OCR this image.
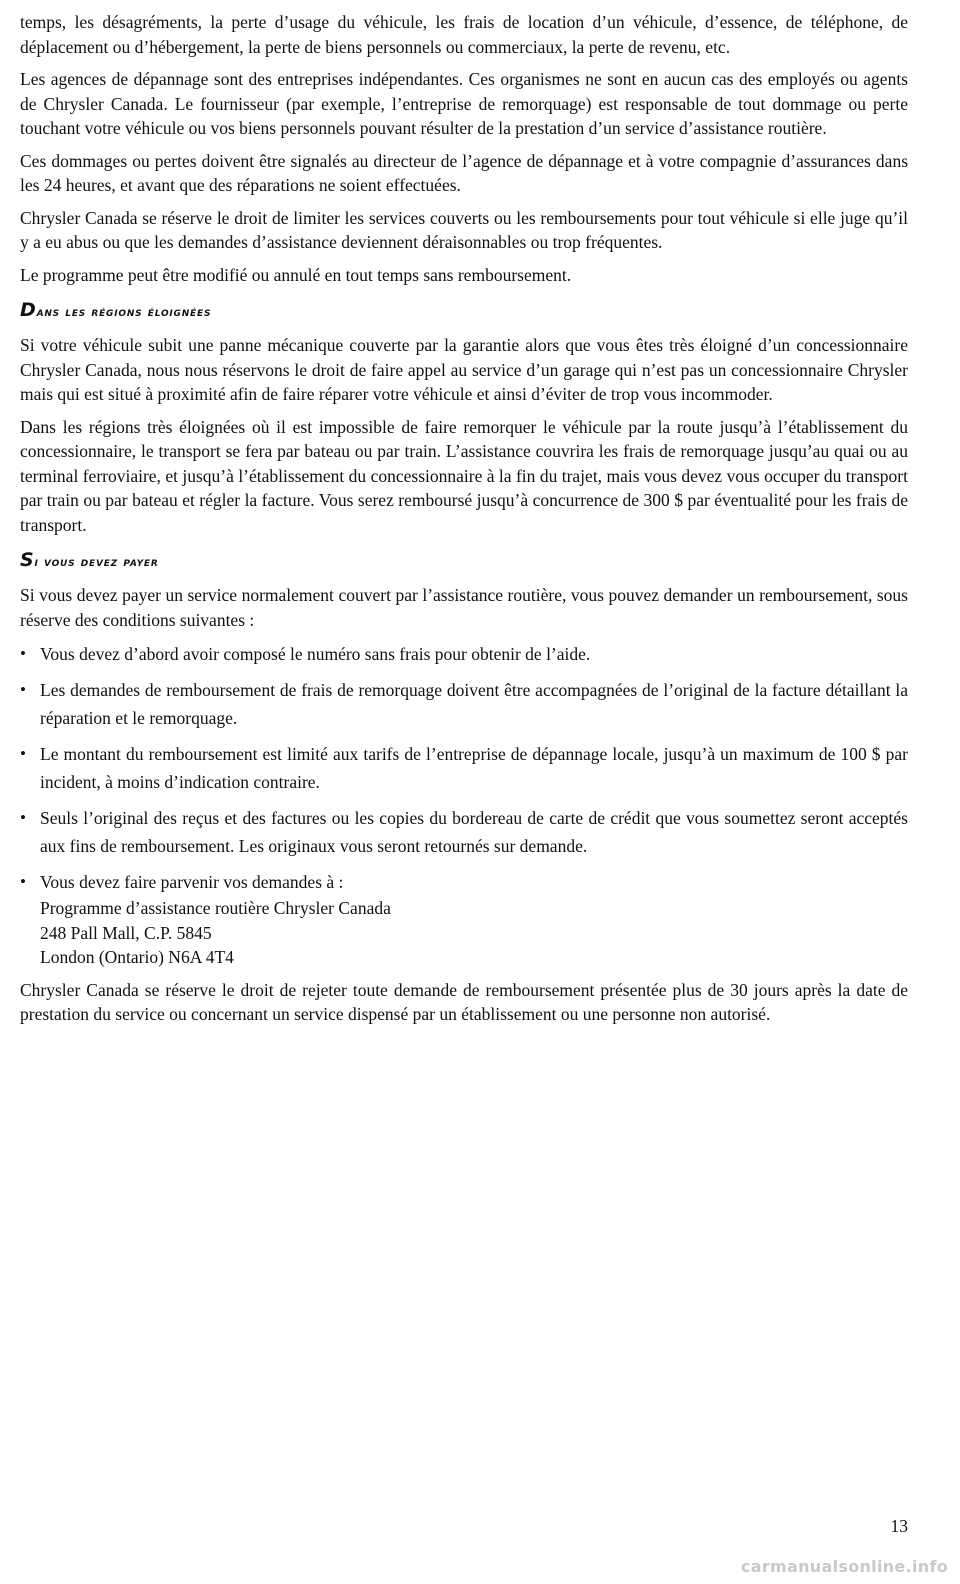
temps, les désagréments, la perte d’usage du véhicule, les frais de location d’un véhicule, d’essence, de téléphone, de déplacement ou d’hébergement, la perte de biens personnels ou commerciaux, la perte de revenu, etc.

Les agences de dépannage sont des entreprises indépendantes. Ces organismes ne sont en aucun cas des employés ou agents de Chrysler Canada. Le fournisseur (par exemple, l’entreprise de remorquage) est responsable de tout dommage ou perte touchant votre véhicule ou vos biens personnels pouvant résulter de la prestation d’un service d’assistance routière.

Ces dommages ou pertes doivent être signalés au directeur de l’agence de dépannage et à votre compagnie d’assurances dans les 24 heures, et avant que des réparations ne soient effectuées.

Chrysler Canada se réserve le droit de limiter les services couverts ou les remboursements pour tout véhicule si elle juge qu’il y a eu abus ou que les demandes d’assistance deviennent déraisonnables ou trop fréquentes.

Le programme peut être modifié ou annulé en tout temps sans remboursement.

Dans les régions éloignées

Si votre véhicule subit une panne mécanique couverte par la garantie alors que vous êtes très éloigné d’un concessionnaire Chrysler Canada, nous nous réservons le droit de faire appel au service d’un garage qui n’est pas un concessionnaire Chrysler mais qui est situé à proximité afin de faire réparer votre véhicule et ainsi d’éviter de trop vous incommoder.

Dans les régions très éloignées où il est impossible de faire remorquer le véhicule par la route jusqu’à l’établissement du concessionnaire, le transport se fera par bateau ou par train. L’assistance couvrira les frais de remorquage jusqu’au quai ou au terminal ferroviaire, et jusqu’à l’établissement du concessionnaire à la fin du trajet, mais vous devez vous occuper du transport par train ou par bateau et régler la facture. Vous serez remboursé jusqu’à concurrence de 300 $ par éventualité pour les frais de transport.

Si vous devez payer

Si vous devez payer un service normalement couvert par l’assistance routière, vous pouvez demander un remboursement, sous réserve des conditions suivantes :

• Vous devez d’abord avoir composé le numéro sans frais pour obtenir de l’aide.
• Les demandes de remboursement de frais de remorquage doivent être accompagnées de l’original de la facture détaillant la réparation et le remorquage.
• Le montant du remboursement est limité aux tarifs de l’entreprise de dépannage locale, jusqu’à un maximum de 100 $ par incident, à moins d’indication contraire.
• Seuls l’original des reçus et des factures ou les copies du bordereau de carte de crédit que vous soumettez seront acceptés aux fins de remboursement. Les originaux vous seront retournés sur demande.
• Vous devez faire parvenir vos demandes à :
Programme d’assistance routière Chrysler Canada
248 Pall Mall, C.P. 5845
London (Ontario) N6A 4T4

Chrysler Canada se réserve le droit de rejeter toute demande de remboursement présentée plus de 30 jours après la date de prestation du service ou concernant un service dispensé par un établissement ou une personne non autorisé.

13
carmanualsonline.info
